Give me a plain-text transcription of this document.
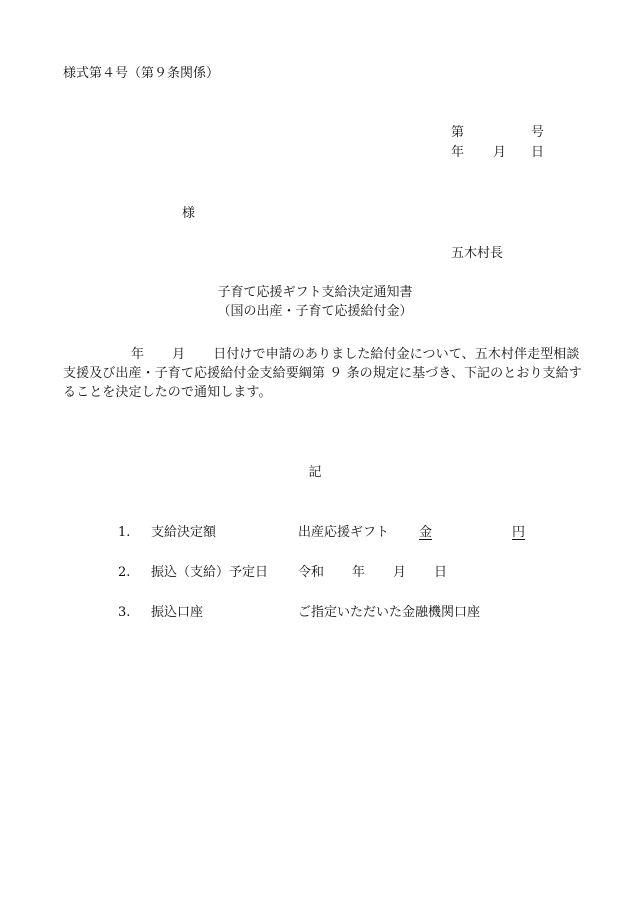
様式第４号（第９条関係）
第	号
年 月 日
様
五木村長
子育て応援ギフト支給決定通知書
（国の出産・子育て応援給付金）
年 月 日付けで申請のありました給付金について、五木村伴走型相談支援及び出産・子育て応援給付金支給要綱第 ９ 条の規定に基づき、下記のとおり支給することを決定したので通知します。
記
1. 支給決定額	出産応援ギフト 金	円
2. 振込（支給）予定日 令和 年 月 日
3. 振込口座	ご指定いただいた金融機関口座
